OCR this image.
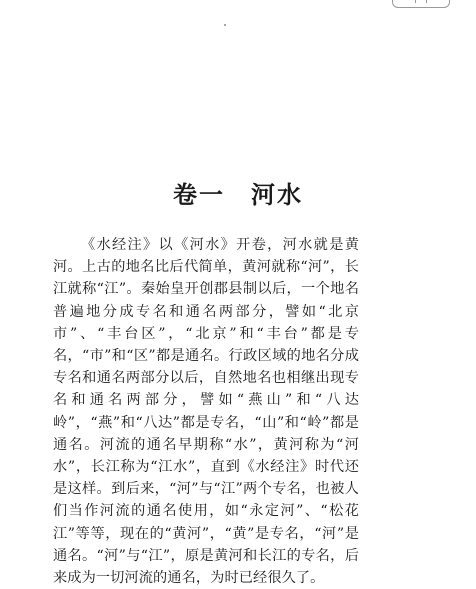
卷一 河水

《水经注》以《河水》开卷，河水就是黄河。上古的地名比后代简单，黄河就称“河”，长江就称“江”。秦始皇开创郡县制以后，一个地名普遍地分成专名和通名两部分，譬如“北京市”、“丰台区”，“北京”和“丰台”都是专名，“市”和“区”都是通名。行政区域的地名分成专名和通名两部分以后，自然地名也相继出现专名和通名两部分，譬如“燕山”和“八达岭”，“燕”和“八达”都是专名，“山”和“岭”都是通名。河流的通名早期称“水”，黄河称为“河水”，长江称为“江水”，直到《水经注》时代还是这样。到后来，“河”与“江”两个专名，也被人们当作河流的通名使用，如“永定河”、“松花江”等等，现在的“黄河”，“黄”是专名，“河”是通名。“河”与“江”，原是黄河和长江的专名，后来成为一切河流的通名，为时已经很久了。
